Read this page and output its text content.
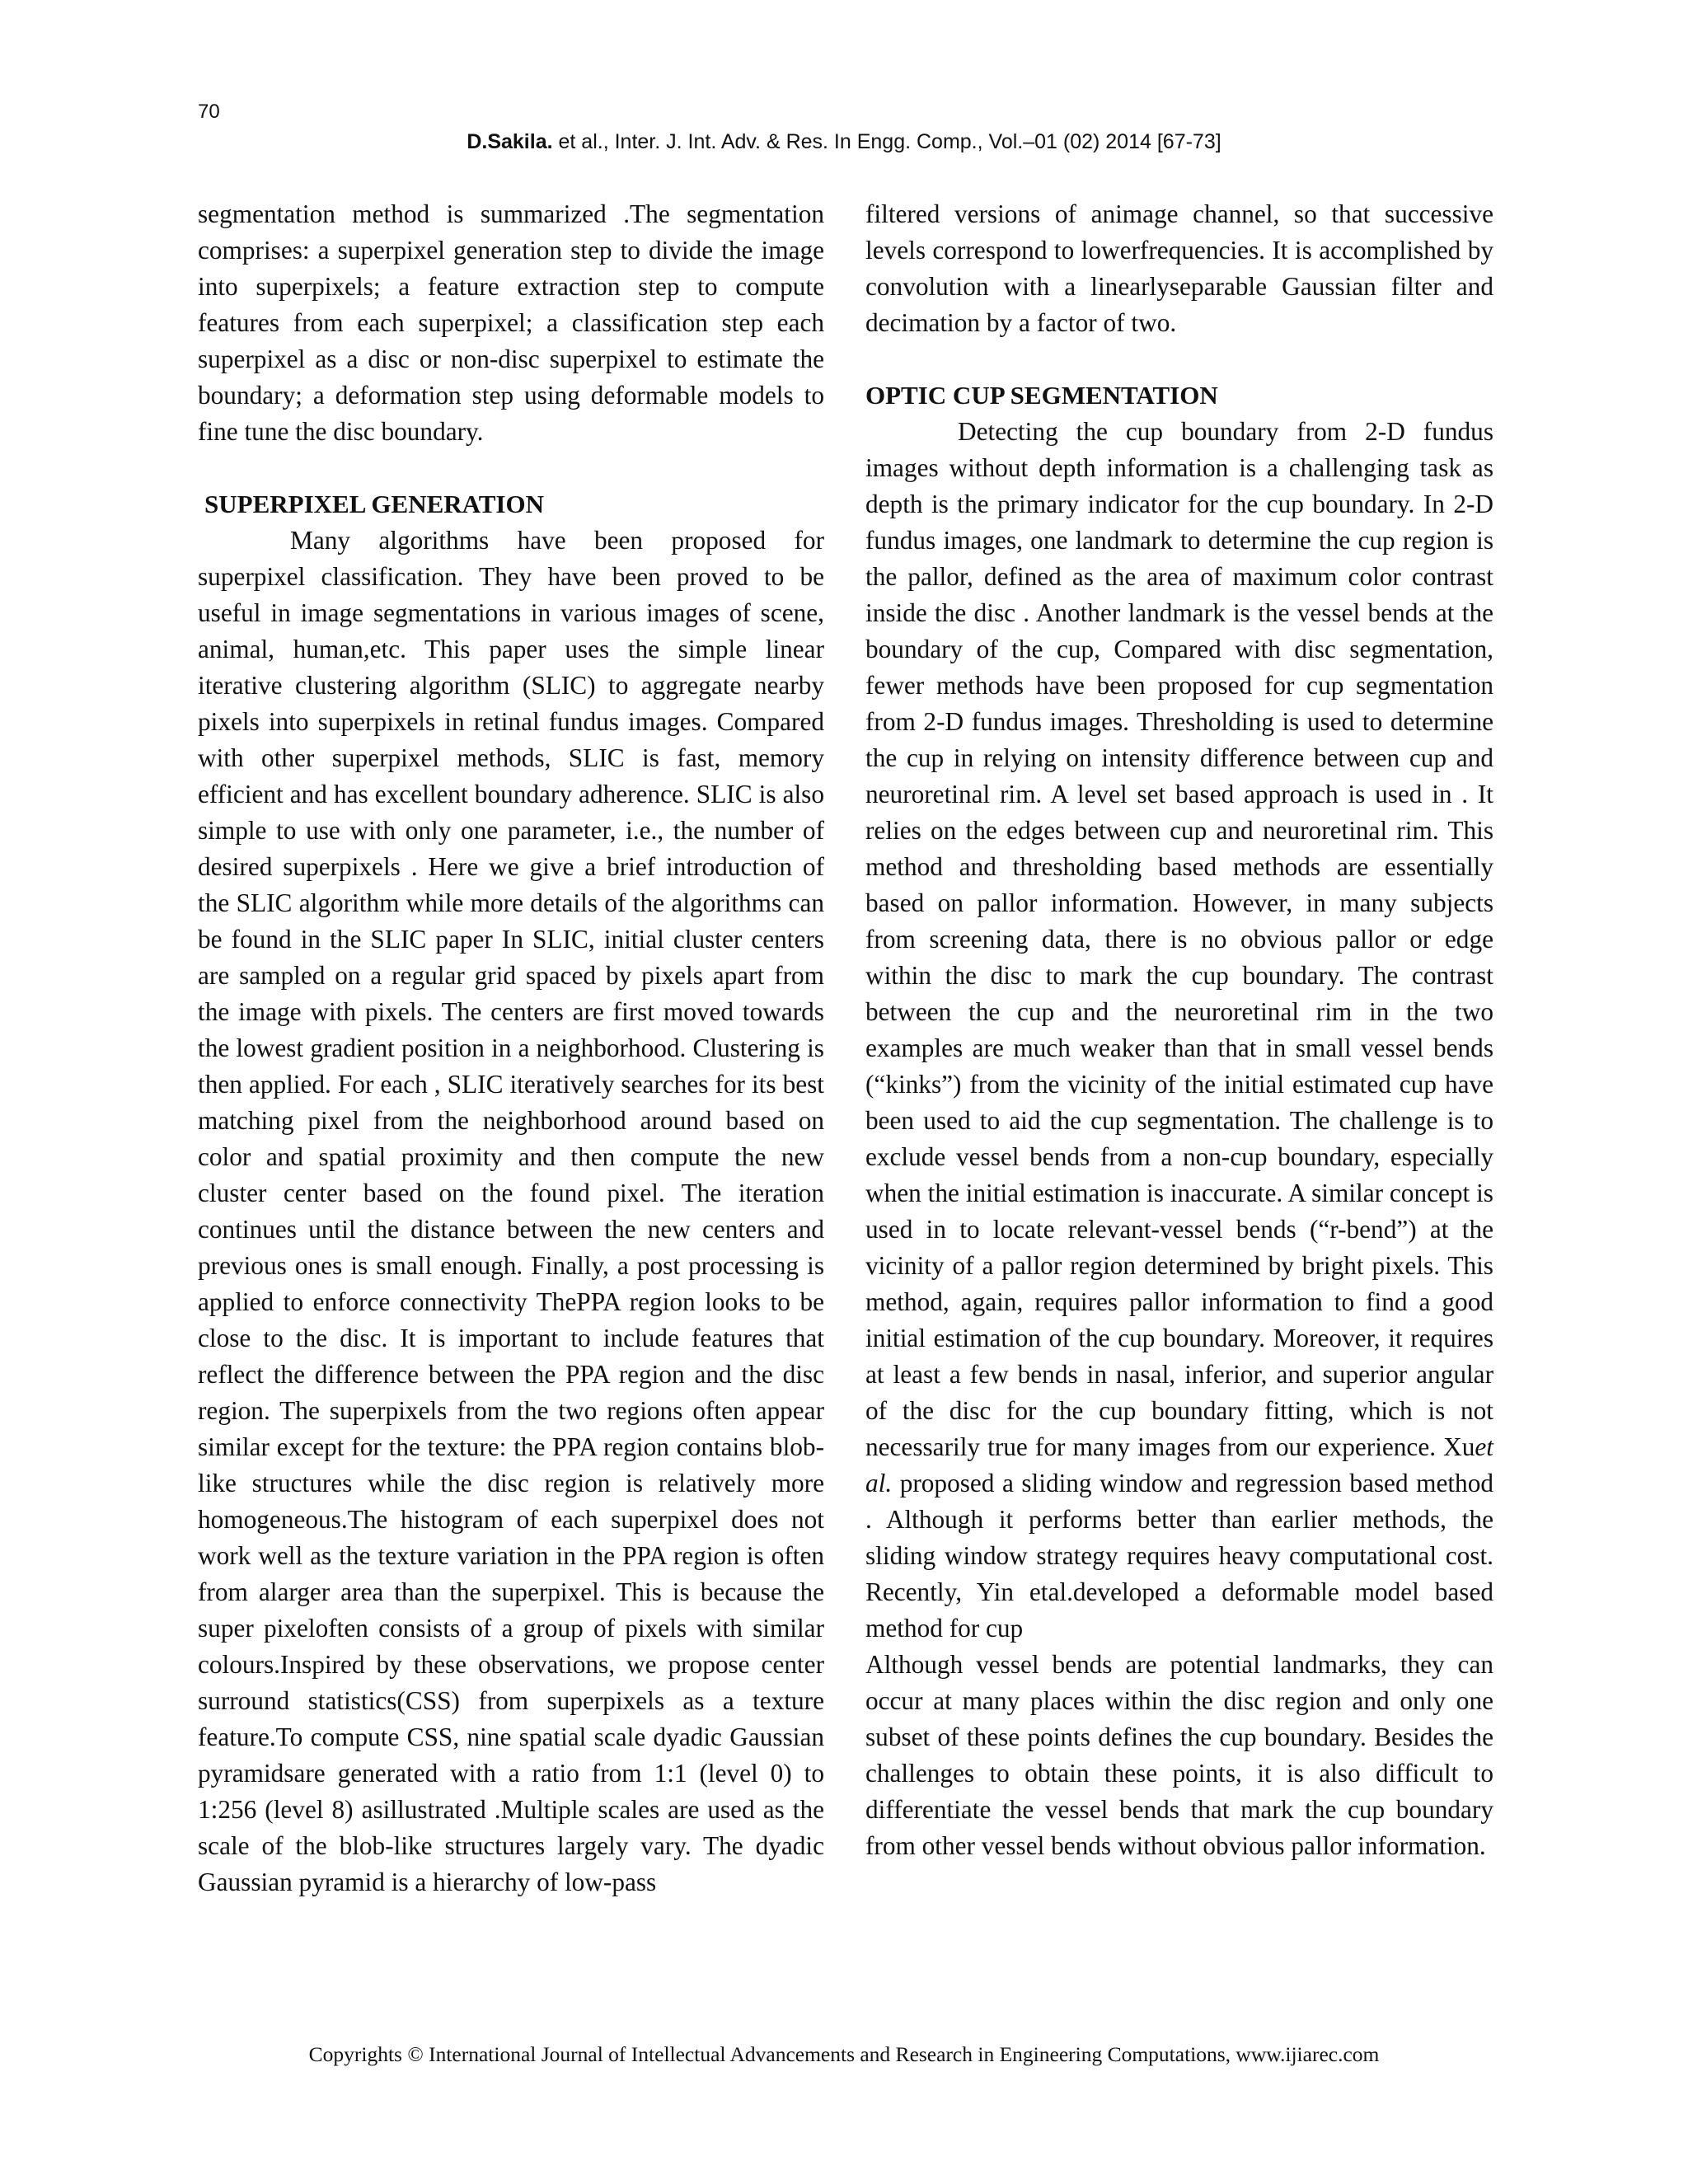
70
D.Sakila. et al., Inter. J. Int. Adv. & Res. In Engg. Comp., Vol.–01 (02) 2014 [67-73]

segmentation method is summarized .The segmentation comprises: a superpixel generation step to divide the image into superpixels; a feature extraction step to compute features from each superpixel; a classification step each superpixel as a disc or non-disc superpixel to estimate the boundary; a deformation step using deformable models to fine tune the disc boundary.

SUPERPIXEL GENERATION

Many algorithms have been proposed for superpixel classification. They have been proved to be useful in image segmentations in various images of scene, animal, human,etc. This paper uses the simple linear iterative clustering algorithm (SLIC) to aggregate nearby pixels into superpixels in retinal fundus images. Compared with other superpixel methods, SLIC is fast, memory efficient and has excellent boundary adherence. SLIC is also simple to use with only one parameter, i.e., the number of desired superpixels . Here we give a brief introduction of the SLIC algorithm while more details of the algorithms can be found in the SLIC paper In SLIC, initial cluster centers are sampled on a regular grid spaced by pixels apart from the image with pixels. The centers are first moved towards the lowest gradient position in a neighborhood. Clustering is then applied. For each , SLIC iteratively searches for its best matching pixel from the neighborhood around based on color and spatial proximity and then compute the new cluster center based on the found pixel. The iteration continues until the distance between the new centers and previous ones is small enough. Finally, a post processing is applied to enforce connectivity ThePPA region looks to be close to the disc. It is important to include features that reflect the difference between the PPA region and the disc region. The superpixels from the two regions often appear similar except for the texture: the PPA region contains blob-like structures while the disc region is relatively more homogeneous.The histogram of each superpixel does not work well as the texture variation in the PPA region is often from alarger area than the superpixel. This is because the super pixeloften consists of a group of pixels with similar colours.Inspired by these observations, we propose center surround statistics(CSS) from superpixels as a texture feature.To compute CSS, nine spatial scale dyadic Gaussian pyramidsare generated with a ratio from 1:1 (level 0) to 1:256 (level 8) asillustrated .Multiple scales are used as the scale of the blob-like structures largely vary. The dyadic Gaussian pyramid is a hierarchy of low-pass

filtered versions of animage channel, so that successive levels correspond to lowerfrequencies. It is accomplished by convolution with a linearlyseparable Gaussian filter and decimation by a factor of two.

OPTIC CUP SEGMENTATION

Detecting the cup boundary from 2-D fundus images without depth information is a challenging task as depth is the primary indicator for the cup boundary. In 2-D fundus images, one landmark to determine the cup region is the pallor, defined as the area of maximum color contrast inside the disc . Another landmark is the vessel bends at the boundary of the cup, Compared with disc segmentation, fewer methods have been proposed for cup segmentation from 2-D fundus images. Thresholding is used to determine the cup in relying on intensity difference between cup and neuroretinal rim. A level set based approach is used in . It relies on the edges between cup and neuroretinal rim. This method and thresholding based methods are essentially based on pallor information. However, in many subjects from screening data, there is no obvious pallor or edge within the disc to mark the cup boundary. The contrast between the cup and the neuroretinal rim in the two examples are much weaker than that in small vessel bends (“kinks”) from the vicinity of the initial estimated cup have been used to aid the cup segmentation. The challenge is to exclude vessel bends from a non-cup boundary, especially when the initial estimation is inaccurate. A similar concept is used in to locate relevant-vessel bends (“r-bend”) at the vicinity of a pallor region determined by bright pixels. This method, again, requires pallor information to find a good initial estimation of the cup boundary. Moreover, it requires at least a few bends in nasal, inferior, and superior angular of the disc for the cup boundary fitting, which is not necessarily true for many images from our experience. Xuet al. proposed a sliding window and regression based method . Although it performs better than earlier methods, the sliding window strategy requires heavy computational cost. Recently, Yin etal.developed a deformable model based method for cup

Although vessel bends are potential landmarks, they can occur at many places within the disc region and only one subset of these points defines the cup boundary. Besides the challenges to obtain these points, it is also difficult to differentiate the vessel bends that mark the cup boundary from other vessel bends without obvious pallor information.

Copyrights © International Journal of Intellectual Advancements and Research in Engineering Computations, www.ijiarec.com
